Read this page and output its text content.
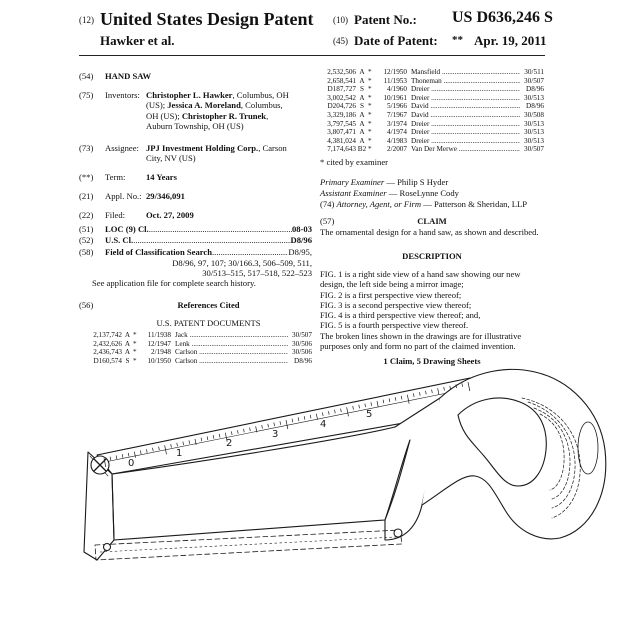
(12) United States Design Patent
Hawker et al.
(10) Patent No.: US D636,246 S
(45) Date of Patent: ** Apr. 19, 2011
(54) HAND SAW
(75) Inventors: Christopher L. Hawker, Columbus, OH
(US); Jessica A. Moreland, Columbus,
OH (US); Christopher R. Trunek,
Auburn Township, OH (US)
(73) Assignee: JPJ Investment Holding Corp., Carson
City, NV (US)
(**) Term: 14 Years
(21) Appl. No.: 29/346,091
(22) Filed: Oct. 27, 2009
(51) LOC (9) Cl. .....	08-03
(52) U.S. Cl. .....	D8/96
(58) Field of Classification Search .....	D8/95,
D8/96, 97, 107; 30/166.3, 506–509, 511,
30/513–515, 517–518, 522–523
See application file for complete search history.
(56)	References Cited
U.S. PATENT DOCUMENTS
2,137,742 A *	11/1938 Jack .....	30/507
2,432,626 A *	12/1947 Lenk .....	30/506
2,436,743 A *	2/1948 Carlson .....	30/506
D160,574 S *	10/1950 Carlson .....	D8/96
2,532,506 A *	12/1950 Mansfield .....	30/511
2,658,541 A *	11/1953 Thoneman .....	30/507
D187,727 S *	4/1960 Dreier .....	D8/96
3,002,542 A *	10/1961 Dreier .....	30/513
D204,726 S *	5/1966 David .....	D8/96
3,329,186 A *	7/1967 David .....	30/508
3,797,545 A *	3/1974 Dreier .....	30/513
3,807,471 A *	4/1974 Dreier .....	30/513
4,381,024 A *	4/1983 Dreier .....	30/513
7,174,643 B2 *	2/2007 Van Der Merwe .....	30/507
* cited by examiner
Primary Examiner — Philip S Hyder
Assistant Examiner — RoseLynne Cody
(74) Attorney, Agent, or Firm — Patterson & Sheridan, LLP
(57)	CLAIM
The ornamental design for a hand saw, as shown and described.
DESCRIPTION
FIG. 1 is a right side view of a hand saw showing our new
design, the left side being a mirror image;
FIG. 2 is a first perspective view thereof;
FIG. 3 is a second perspective view thereof;
FIG. 4 is a third perspective view thereof; and,
FIG. 5 is a fourth perspective view thereof.
The broken lines shown in the drawings are for illustrative
purposes only and form no part of the claimed invention.
1 Claim, 5 Drawing Sheets
0
1
2
3
4
5
